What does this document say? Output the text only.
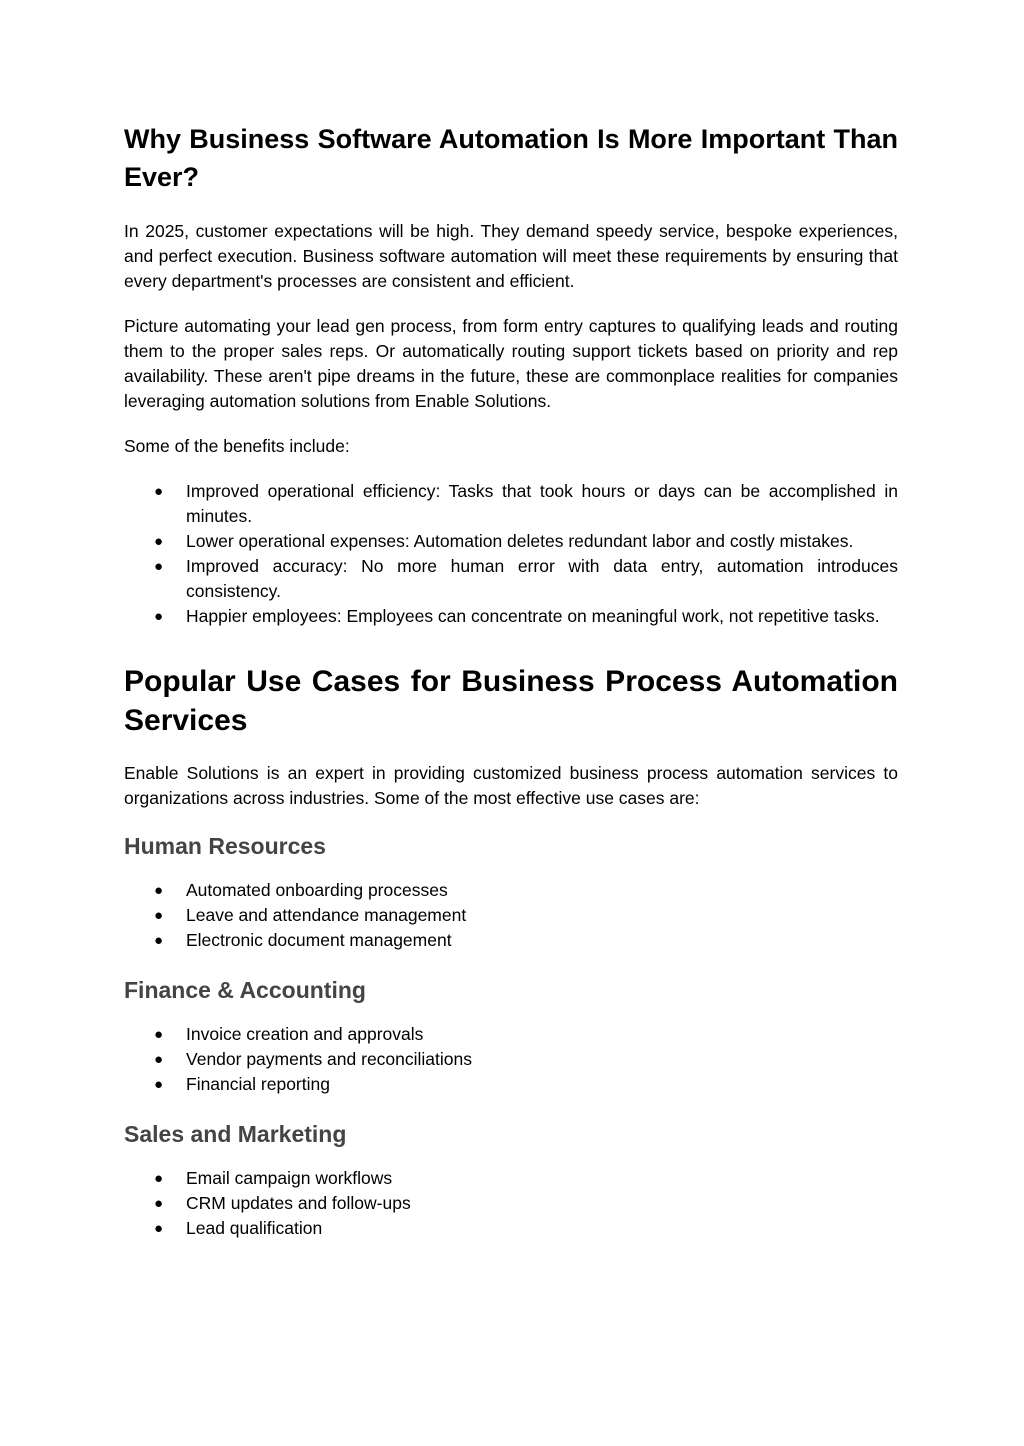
Why Business Software Automation Is More Important Than Ever?

In 2025, customer expectations will be high. They demand speedy service, bespoke experiences, and perfect execution. Business software automation will meet these requirements by ensuring that every department's processes are consistent and efficient.

Picture automating your lead gen process, from form entry captures to qualifying leads and routing them to the proper sales reps. Or automatically routing support tickets based on priority and rep availability. These aren't pipe dreams in the future, these are commonplace realities for companies leveraging automation solutions from Enable Solutions.

Some of the benefits include:

● Improved operational efficiency: Tasks that took hours or days can be accomplished in minutes.
● Lower operational expenses: Automation deletes redundant labor and costly mistakes.
● Improved accuracy: No more human error with data entry, automation introduces consistency.
● Happier employees: Employees can concentrate on meaningful work, not repetitive tasks.
Popular Use Cases for Business Process Automation Services

Enable Solutions is an expert in providing customized business process automation services to organizations across industries. Some of the most effective use cases are:

Human Resources
● Automated onboarding processes
● Leave and attendance management
● Electronic document management
Finance & Accounting
● Invoice creation and approvals
● Vendor payments and reconciliations
● Financial reporting
Sales and Marketing
● Email campaign workflows
● CRM updates and follow-ups
● Lead qualification
